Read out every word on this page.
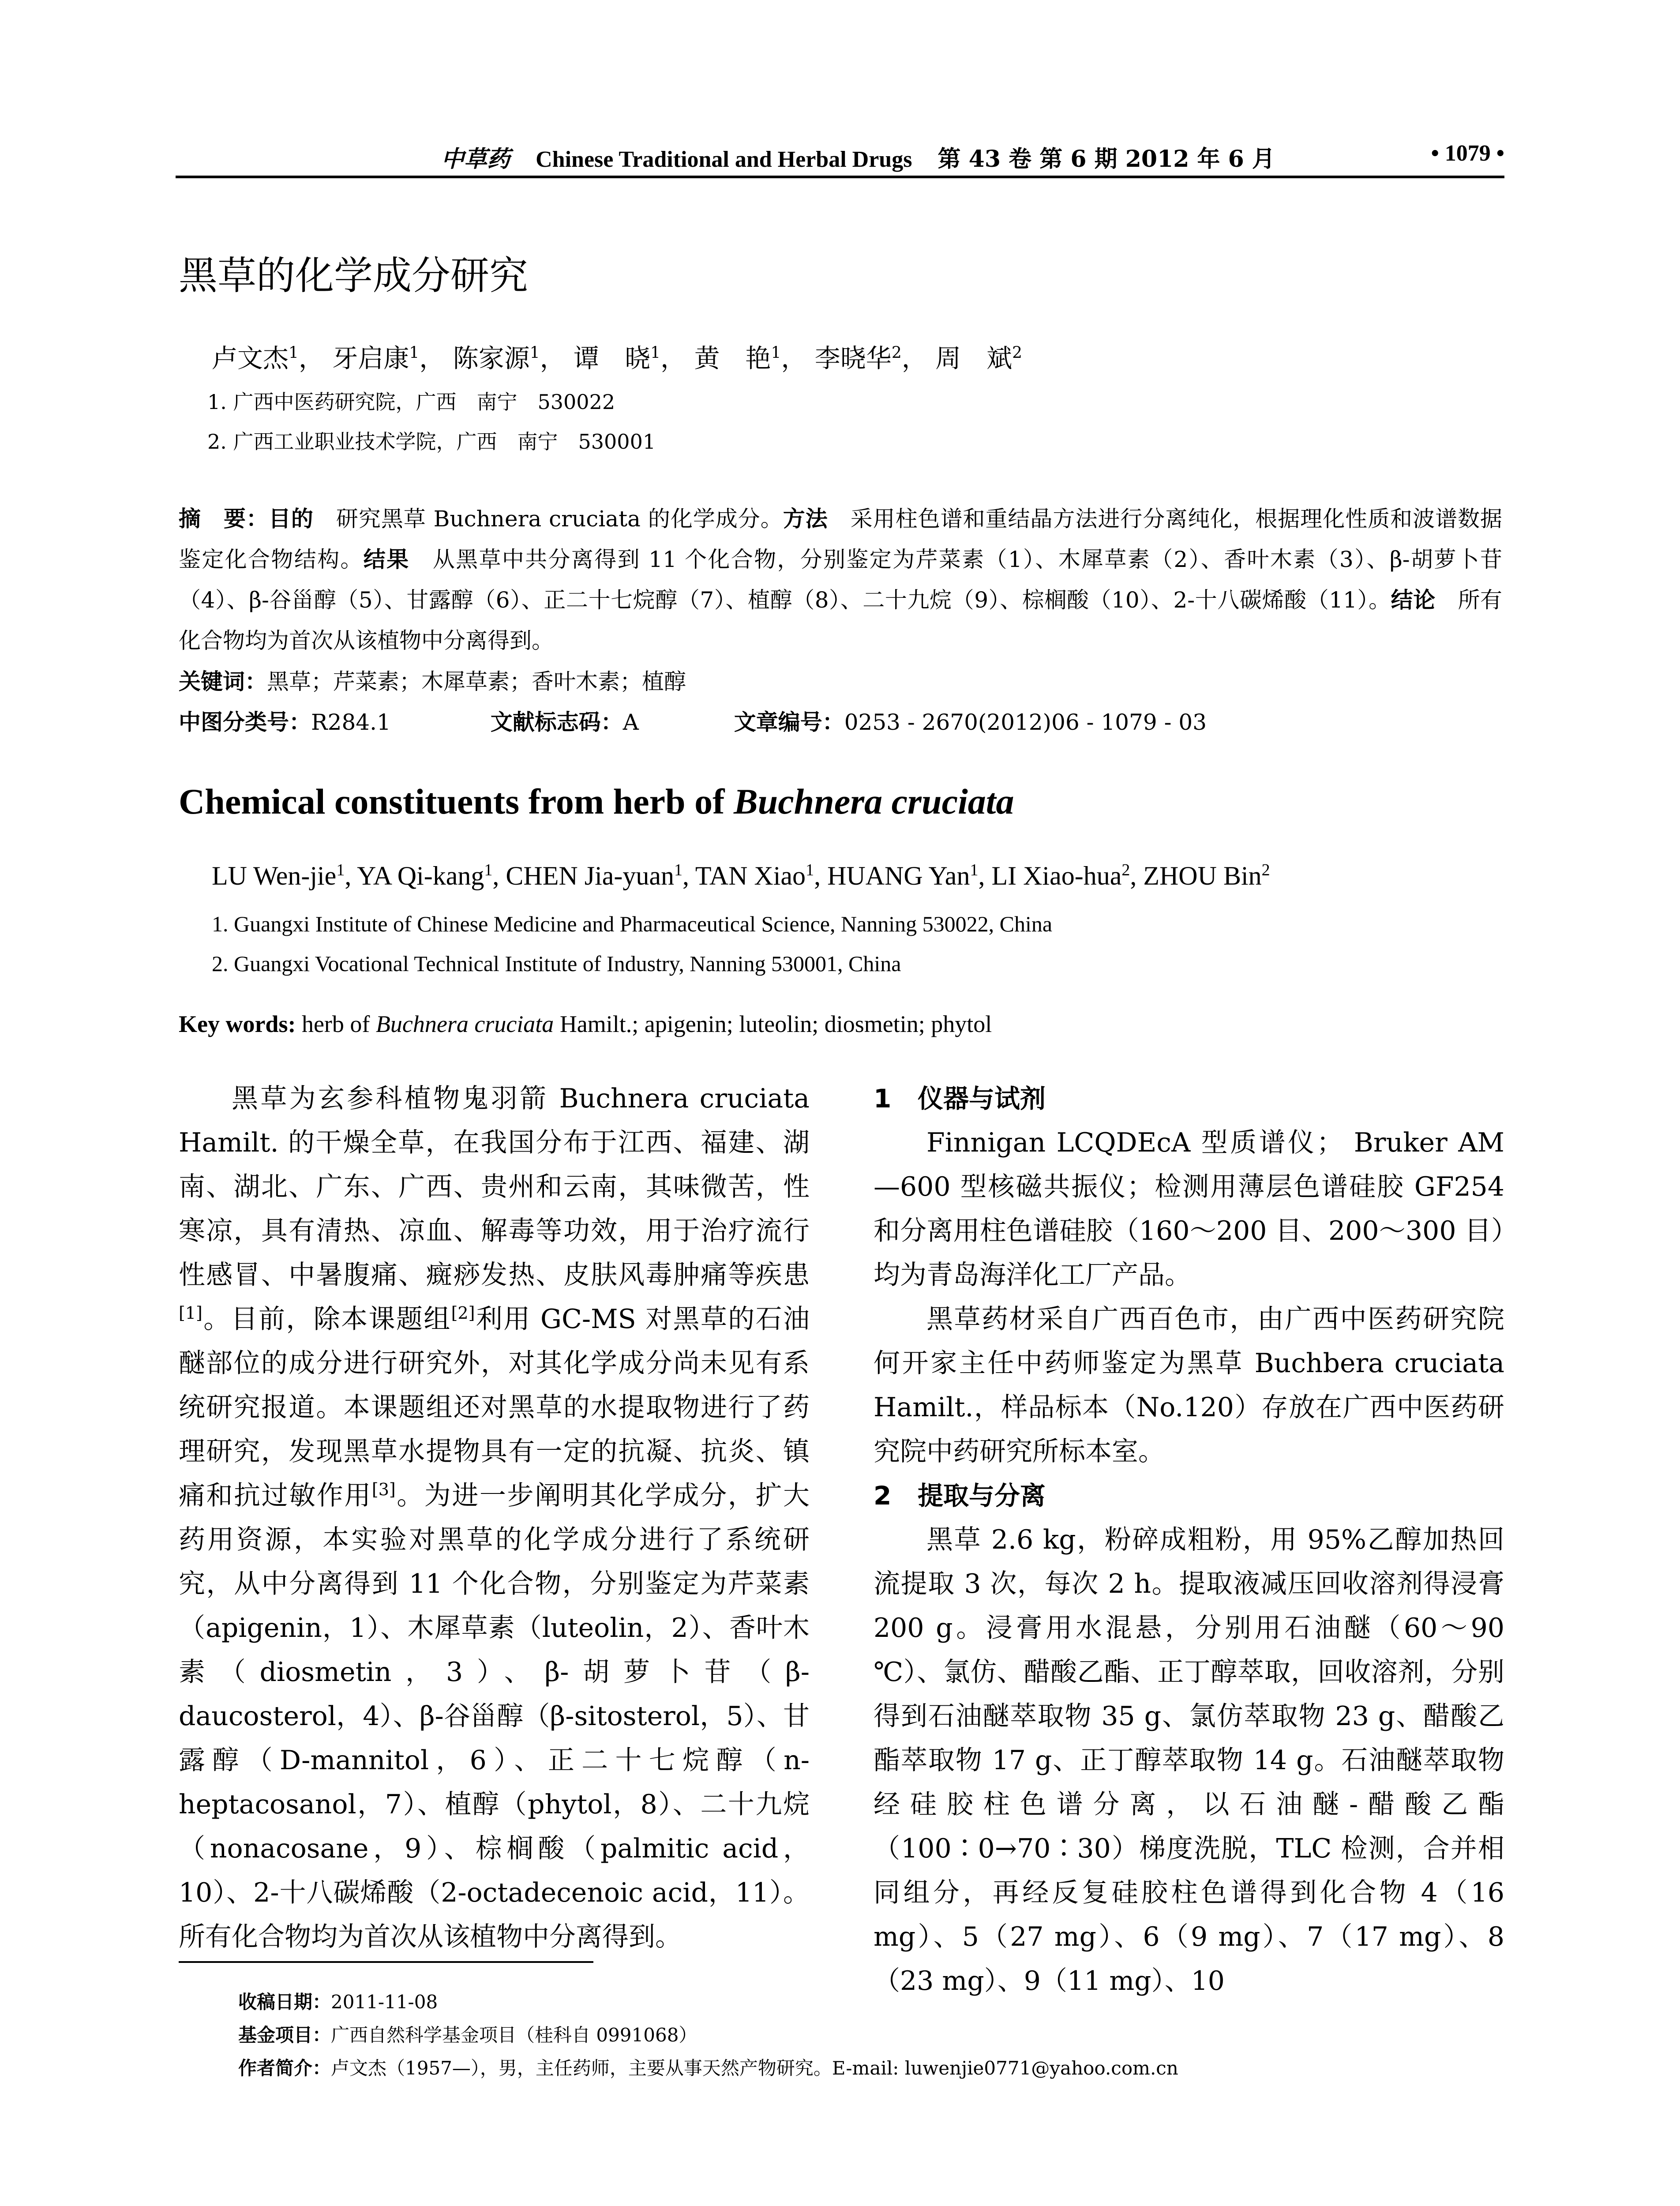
中草药 Chinese Traditional and Herbal Drugs 第 43 卷 第 6 期 2012 年 6 月	• 1079 •
黑草的化学成分研究
卢文杰$^1$， 牙启康$^1$， 陈家源$^1$， 谭　晓$^1$， 黄　艳$^1$， 李晓华$^2$， 周　斌$^2$
1. 广西中医药研究院，广西　南宁　530022
2. 广西工业职业技术学院，广西　南宁　530001
摘　要：目的　 研究黑草 Buchnera cruciata 的化学成分。方法　 采用柱色谱和重结晶方法进行分离纯化，根据理化性质和波谱数据鉴定化合物结构。结果　 从黑草中共分离得到 11 个化合物，分别鉴定为芹菜素（1）、木犀草素（2）、香叶木素（3）、β-胡萝卜苷（4）、β-谷甾醇（5）、甘露醇（6）、正二十七烷醇（7）、植醇（8）、二十九烷（9）、棕榈酸（10）、2-十八碳烯酸（11）。结论　 所有化合物均为首次从该植物中分离得到。
关键词：黑草；芹菜素；木犀草素；香叶木素；植醇
中图分类号：R284.1	文献标志码：A	文章编号：0253 - 2670(2012)06 - 1079 - 03
Chemical constituents from herb of Buchnera cruciata
LU Wen-jie$^1$, YA Qi-kang$^1$, CHEN Jia-yuan$^1$, TAN Xiao$^1$, HUANG Yan$^1$, LI Xiao-hua$^2$, ZHOU Bin$^2$
1. Guangxi Institute of Chinese Medicine and Pharmaceutical Science, Nanning 530022, China
2. Guangxi Vocational Technical Institute of Industry, Nanning 530001, China
Key words: herb of Buchnera cruciata Hamilt.; apigenin; luteolin; diosmetin; phytol

黑草为玄参科植物鬼羽箭 Buchnera cruciata Hamilt. 的干燥全草，在我国分布于江西、福建、湖南、湖北、广东、广西、贵州和云南，其味微苦，性寒凉，具有清热、凉血、解毒等功效，用于治疗流行性感冒、中暑腹痛、癍痧发热、皮肤风毒肿痛等疾患[1]。目前，除本课题组[2]利用 GC-MS 对黑草的石油醚部位的成分进行研究外，对其化学成分尚未见有系统研究报道。本课题组还对黑草的水提取物进行了药理研究，发现黑草水提物具有一定的抗凝、抗炎、镇痛和抗过敏作用[3]。为进一步阐明其化学成分，扩大药用资源，本实验对黑草的化学成分进行了系统研究，从中分离得到 11 个化合物，分别鉴定为芹菜素（apigenin，1）、木犀草素（luteolin，2）、香叶木素（diosmetin，3）、β-胡萝卜苷（β-daucosterol，4）、β-谷甾醇（β-sitosterol，5）、甘露醇（D-mannitol，6）、正二十七烷醇（n-heptacosanol，7）、植醇（phytol，8）、二十九烷（nonacosane，9）、棕榈酸（palmitic acid，10）、2-十八碳烯酸（2-octadecenoic acid，11）。所有化合物均为首次从该植物中分离得到。

1 仪器与试剂

Finnigan LCQDEcA 型质谱仪； Bruker AM—600 型核磁共振仪；检测用薄层色谱硅胶 GF254 和分离用柱色谱硅胶（160～200 目、200～300 目）均为青岛海洋化工厂产品。

黑草药材采自广西百色市，由广西中医药研究院何开家主任中药师鉴定为黑草 Buchbera cruciata Hamilt.，样品标本（No.120）存放在广西中医药研究院中药研究所标本室。

2 提取与分离

黑草 2.6 kg，粉碎成粗粉，用 95%乙醇加热回流提取 3 次，每次 2 h。提取液减压回收溶剂得浸膏 200 g。浸膏用水混悬，分别用石油醚（60～90 ℃）、氯仿、醋酸乙酯、正丁醇萃取，回收溶剂，分别得到石油醚萃取物 35 g、氯仿萃取物 23 g、醋酸乙酯萃取物 17 g、正丁醇萃取物 14 g。石油醚萃取物经硅胶柱色谱分离，以石油醚-醋酸乙酯（100∶0→70∶30）梯度洗脱，TLC 检测，合并相同组分，再经反复硅胶柱色谱得到化合物 4（16 mg）、5（27 mg）、6（9 mg）、7（17 mg）、8（23 mg）、9（11 mg）、10

收稿日期：2011-11-08
基金项目：广西自然科学基金项目（桂科自 0991068）
作者简介：卢文杰（1957—），男，主任药师，主要从事天然产物研究。E-mail: luwenjie0771@yahoo.com.cn
